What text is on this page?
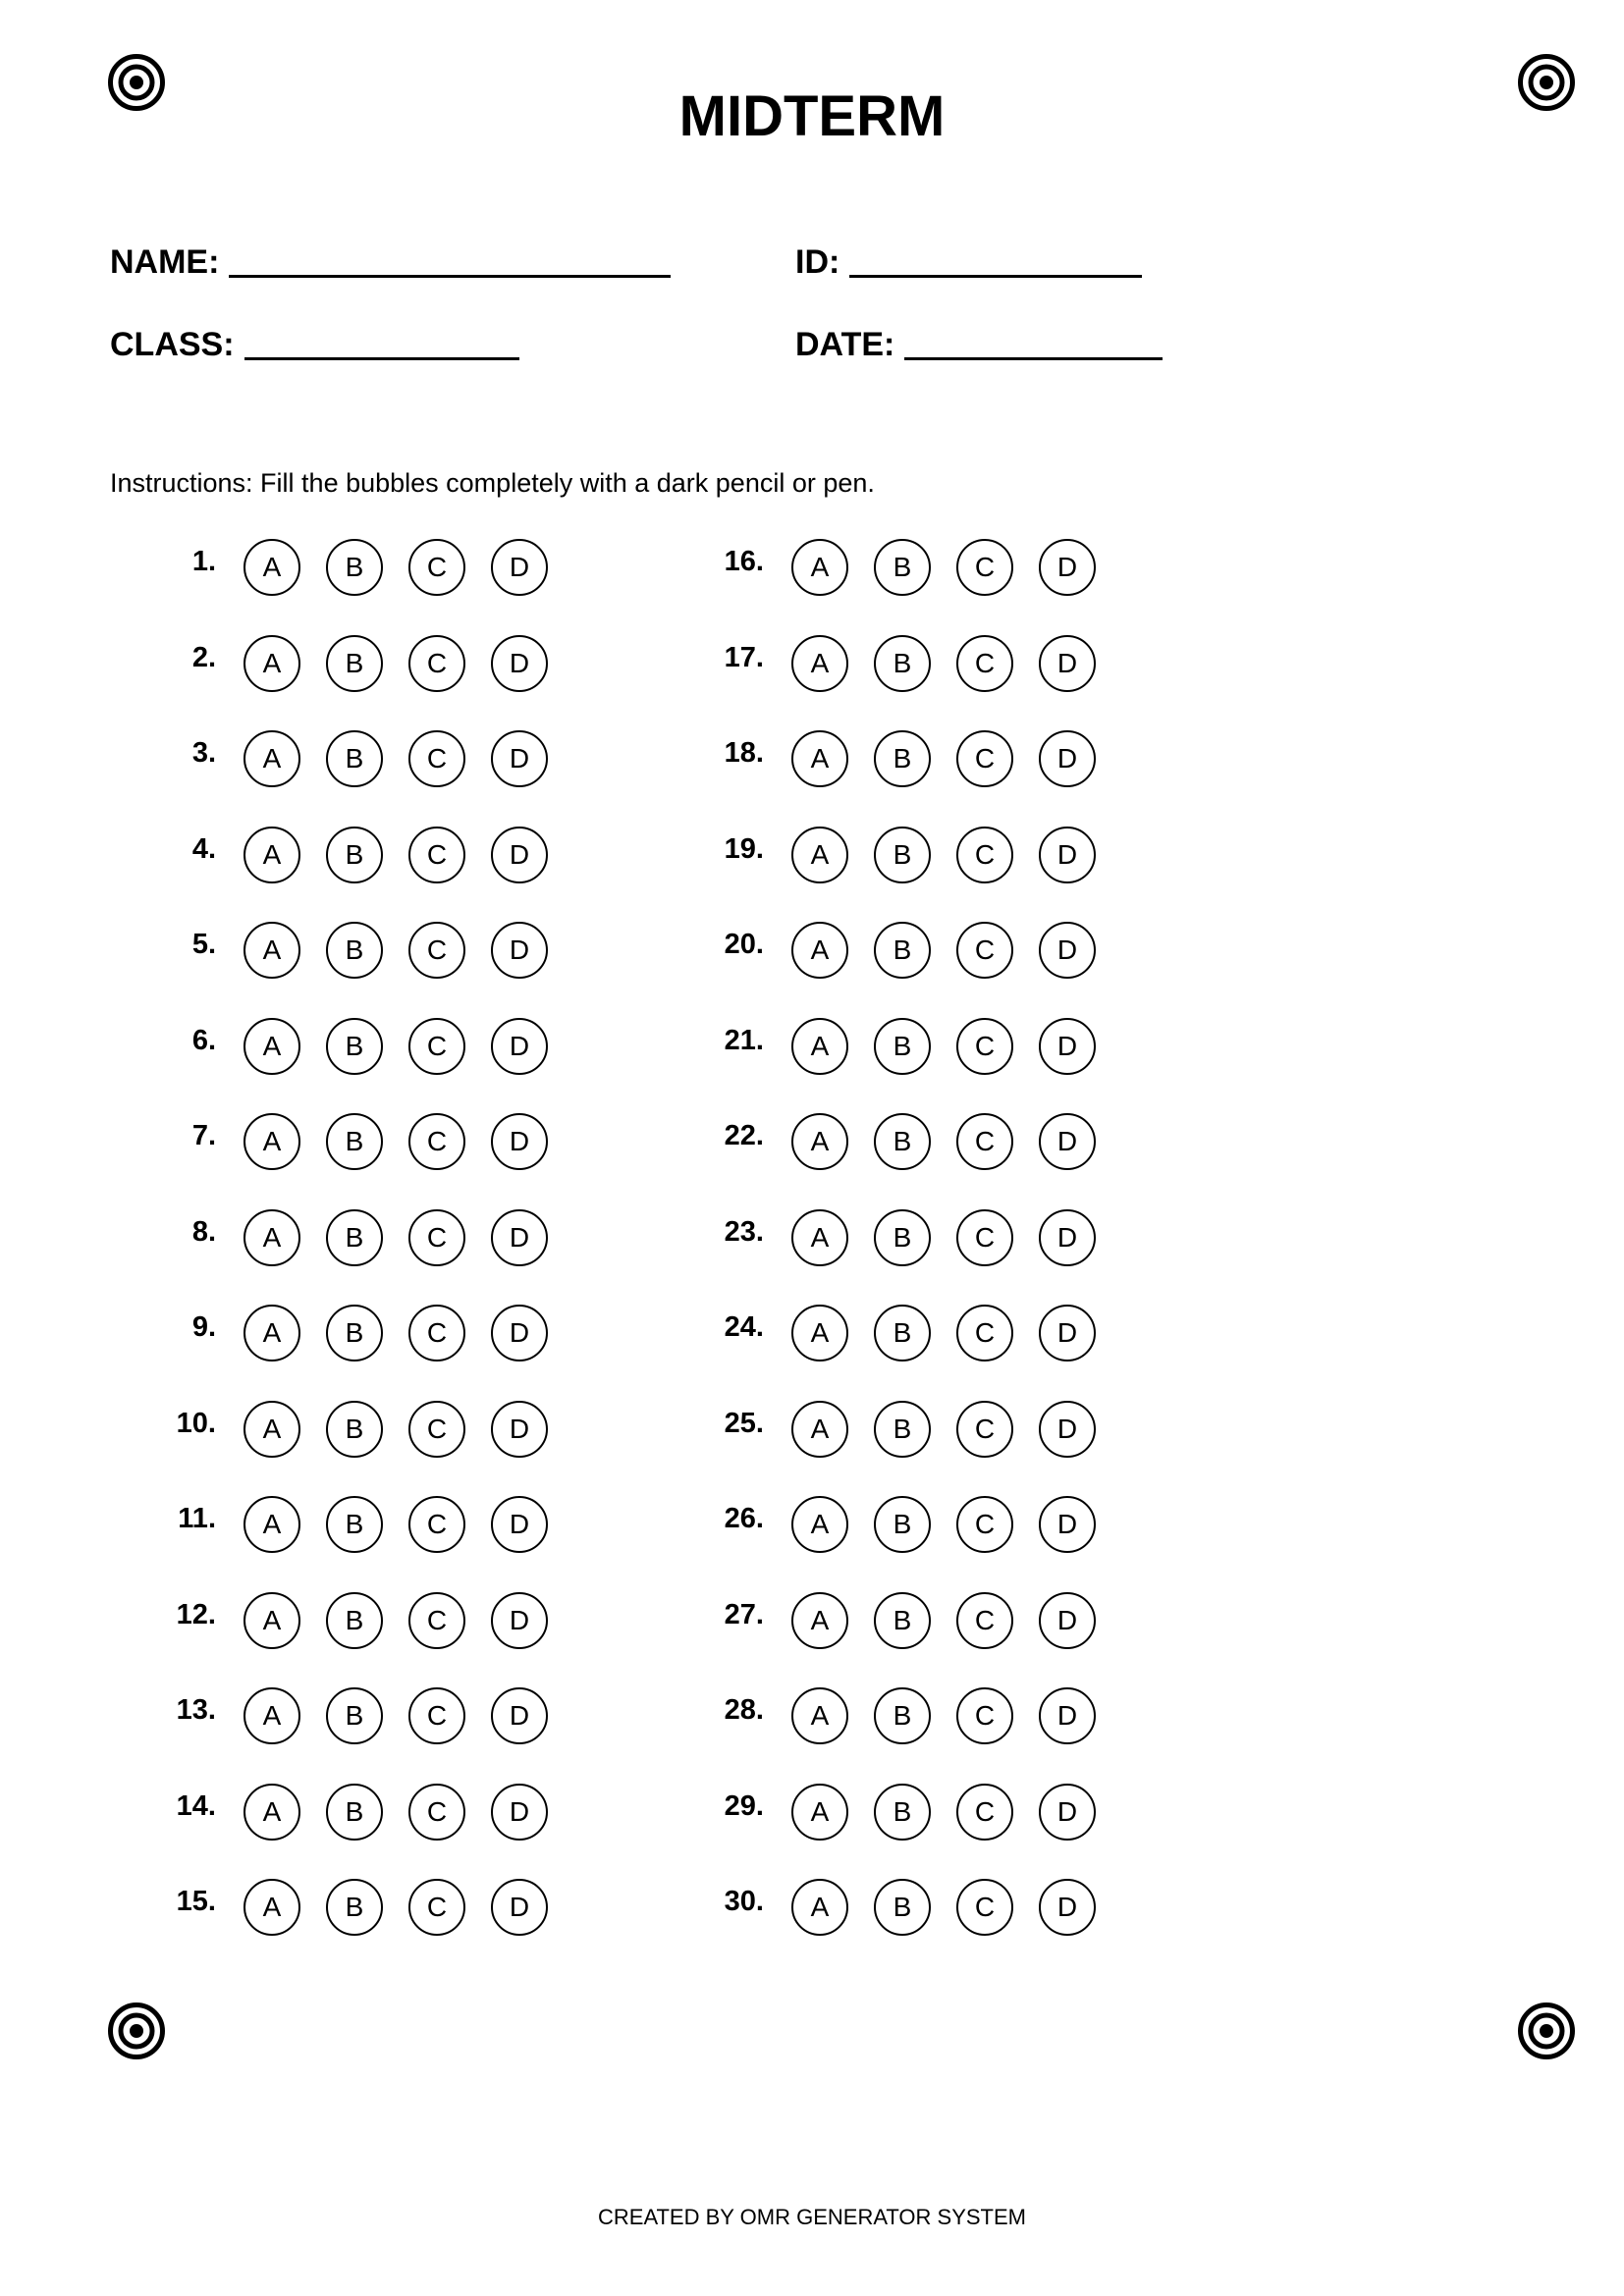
MIDTERM
NAME:	ID:
CLASS:	DATE:
Instructions: Fill the bubbles completely with a dark pencil or pen.
1.	A	B	C	D
2.	A	B	C	D
3.	A	B	C	D
4.	A	B	C	D
5.	A	B	C	D
6.	A	B	C	D
7.	A	B	C	D
8.	A	B	C	D
9.	A	B	C	D
10.	A	B	C	D
11.	A	B	C	D
12.	A	B	C	D
13.	A	B	C	D
14.	A	B	C	D
15.	A	B	C	D
16.	A	B	C	D
17.	A	B	C	D
18.	A	B	C	D
19.	A	B	C	D
20.	A	B	C	D
21.	A	B	C	D
22.	A	B	C	D
23.	A	B	C	D
24.	A	B	C	D
25.	A	B	C	D
26.	A	B	C	D
27.	A	B	C	D
28.	A	B	C	D
29.	A	B	C	D
30.	A	B	C	D
CREATED BY OMR GENERATOR SYSTEM
